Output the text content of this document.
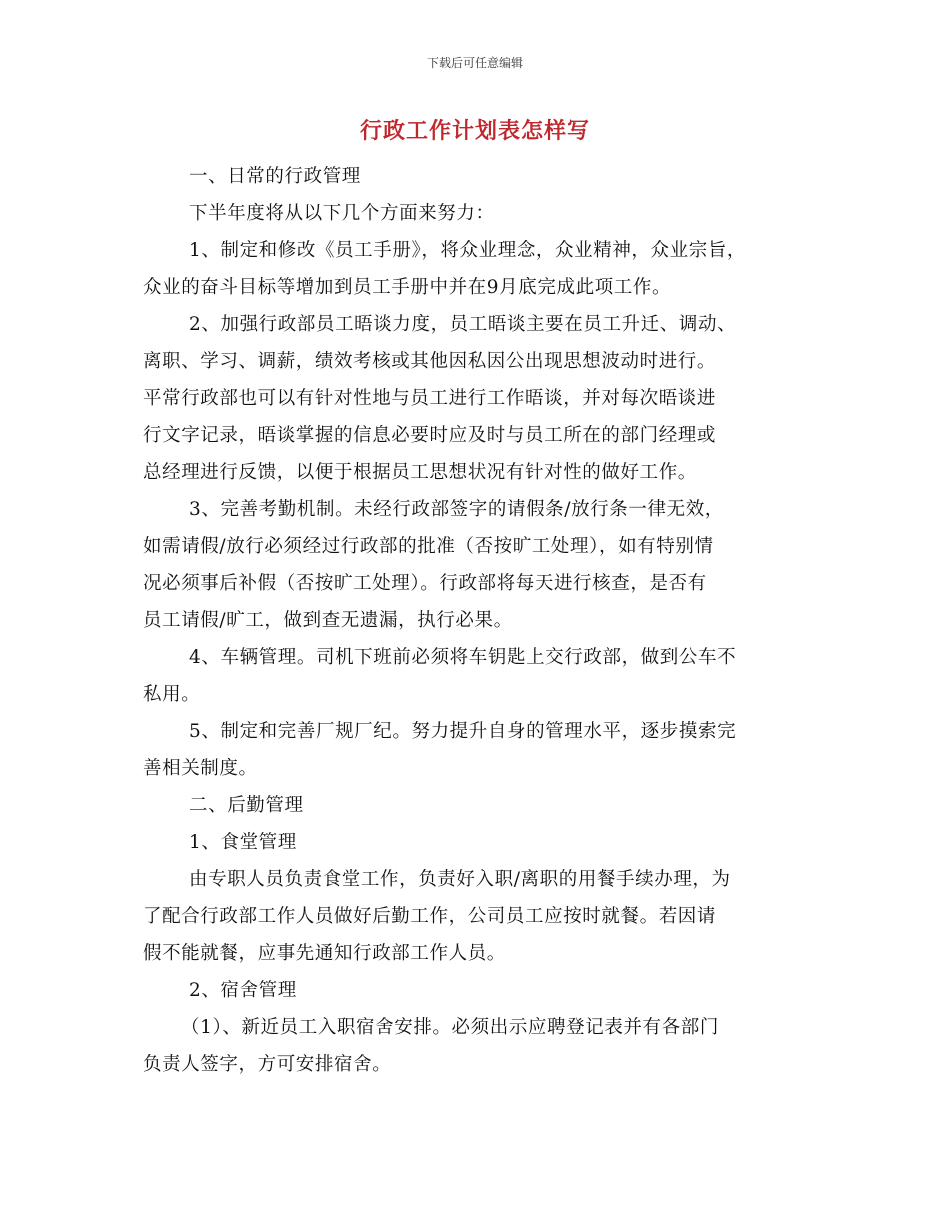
下载后可任意编辑
行政工作计划表怎样写
一、日常的行政管理
下半年度将从以下几个方面来努力：
1、制定和修改《员工手册》，将众业理念，众业精神，众业宗旨，
众业的奋斗目标等增加到员工手册中并在9月底完成此项工作。
2、加强行政部员工晤谈力度，员工晤谈主要在员工升迁、调动、
离职、学习、调薪，绩效考核或其他因私因公出现思想波动时进行。
平常行政部也可以有针对性地与员工进行工作晤谈，并对每次晤谈进
行文字记录，晤谈掌握的信息必要时应及时与员工所在的部门经理或
总经理进行反馈，以便于根据员工思想状况有针对性的做好工作。
3、完善考勤机制。未经行政部签字的请假条/放行条一律无效，
如需请假/放行必须经过行政部的批准（否按旷工处理），如有特别情
况必须事后补假（否按旷工处理）。行政部将每天进行核查，是否有
员工请假/旷工，做到查无遗漏，执行必果。
4、车辆管理。司机下班前必须将车钥匙上交行政部，做到公车不
私用。
5、制定和完善厂规厂纪。努力提升自身的管理水平，逐步摸索完
善相关制度。
二、后勤管理
1、食堂管理
由专职人员负责食堂工作，负责好入职/离职的用餐手续办理，为
了配合行政部工作人员做好后勤工作，公司员工应按时就餐。若因请
假不能就餐，应事先通知行政部工作人员。
2、宿舍管理
（1）、新近员工入职宿舍安排。必须出示应聘登记表并有各部门
负责人签字，方可安排宿舍。
